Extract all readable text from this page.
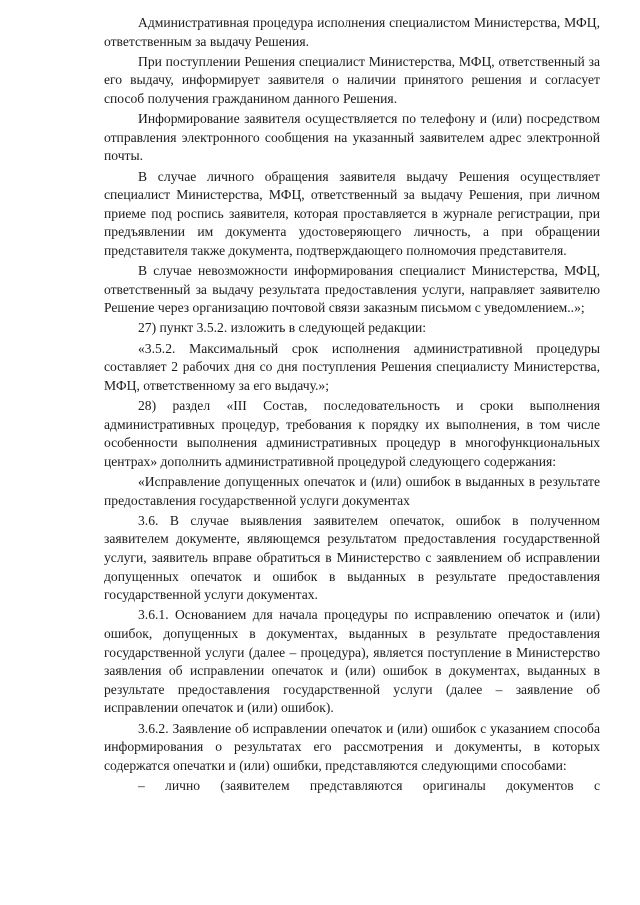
Административная процедура исполнения специалистом Министерства, МФЦ, ответственным за выдачу Решения.

При поступлении Решения специалист Министерства, МФЦ, ответственный за его выдачу, информирует заявителя о наличии принятого решения и согласует способ получения гражданином данного Решения.

Информирование заявителя осуществляется по телефону и (или) посредством отправления электронного сообщения на указанный заявителем адрес электронной почты.

В случае личного обращения заявителя выдачу Решения осуществляет специалист Министерства, МФЦ, ответственный за выдачу Решения, при личном приеме под роспись заявителя, которая проставляется в журнале регистрации, при предъявлении им документа удостоверяющего личность, а при обращении представителя также документа, подтверждающего полномочия представителя.

В случае невозможности информирования специалист Министерства, МФЦ, ответственный за выдачу результата предоставления услуги, направляет заявителю Решение через организацию почтовой связи заказным письмом с уведомлением..»;

27) пункт 3.5.2. изложить в следующей редакции:

«3.5.2. Максимальный срок исполнения административной процедуры составляет 2 рабочих дня со дня поступления Решения специалисту Министерства, МФЦ, ответственному за его выдачу.»;

28) раздел «III Состав, последовательность и сроки выполнения административных процедур, требования к порядку их выполнения, в том числе особенности выполнения административных процедур в многофункциональных центрах» дополнить административной процедурой следующего содержания:

«Исправление допущенных опечаток и (или) ошибок в выданных в результате предоставления государственной услуги документах

3.6. В случае выявления заявителем опечаток, ошибок в полученном заявителем документе, являющемся результатом предоставления государственной услуги, заявитель вправе обратиться в Министерство с заявлением об исправлении допущенных опечаток и ошибок в выданных в результате предоставления государственной услуги документах.

3.6.1. Основанием для начала процедуры по исправлению опечаток и (или) ошибок, допущенных в документах, выданных в результате предоставления государственной услуги (далее – процедура), является поступление в Министерство заявления об исправлении опечаток и (или) ошибок в документах, выданных в результате предоставления государственной услуги (далее – заявление об исправлении опечаток и (или) ошибок).

3.6.2. Заявление об исправлении опечаток и (или) ошибок с указанием способа информирования о результатах его рассмотрения и документы, в которых содержатся опечатки и (или) ошибки, представляются следующими способами:

– лично (заявителем представляются оригиналы документов с
